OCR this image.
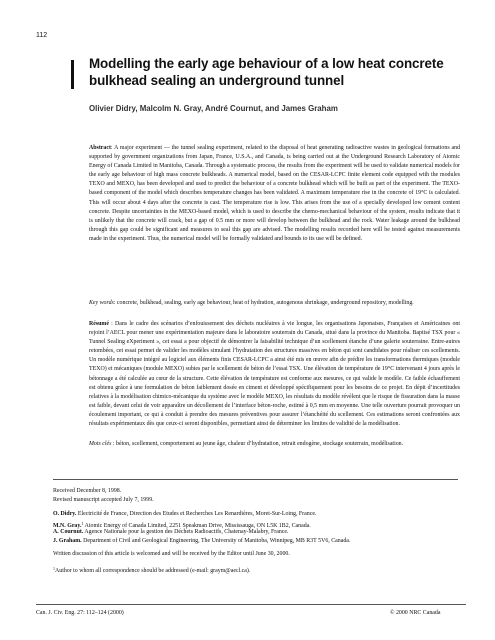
112
Modelling the early age behaviour of a low heat concrete bulkhead sealing an underground tunnel
Olivier Didry, Malcolm N. Gray, André Cournut, and James Graham
Abstract: A major experiment — the tunnel sealing experiment, related to the disposal of heat generating radioactive wastes in geological formations and supported by government organizations from Japan, France, U.S.A., and Canada, is being carried out at the Underground Research Laboratory of Atomic Energy of Canada Limited in Manitoba, Canada. Through a systematic process, the results from the experiment will be used to validate numerical models for the early age behaviour of high mass concrete bulkheads. A numerical model, based on the CESAR-LCPC finite element code equipped with the modules TEXO and MEXO, has been developed and used to predict the behaviour of a concrete bulkhead which will be built as part of the experiment. The TEXO-based component of the model which describes temperature changes has been validated. A maximum temperature rise in the concrete of 19°C is calculated. This will occur about 4 days after the concrete is cast. The temperature rise is low. This arises from the use of a specially developed low cement content concrete. Despite uncertainties in the MEXO-based model, which is used to describe the chemo-mechanical behaviour of the system, results indicate that it is unlikely that the concrete will crack, but a gap of 0.5 mm or more will develop between the bulkhead and the rock. Water leakage around the bulkhead through this gap could be significant and measures to seal this gap are advised. The modelling results recorded here will be tested against measurements made in the experiment. Thus, the numerical model will be formally validated and bounds to its use will be defined.
Key words: concrete, bulkhead, sealing, early age behaviour, heat of hydration, autogenous shrinkage, underground repository, modelling.
Résumé : Dans le cadre des scénarios d’enfouissement des déchets nucléaires à vie longue, les organisations Japonaises, Françaises et Américaines ont rejoint l’AECL pour mener une expérimentation majeure dans le laboratoire souterrain du Canada, situé dans la province du Manitoba. Baptisé TSX pour « Tunnel Sealing eXperiment », cet essai a pour objectif de démontrer la faisabilité technique d’un scellement étanche d’une galerie souterraine. Entre-autres retombées, cet essai permet de valider les modèles simulant l’hydratation des structures massives en béton qui sont candidates pour réaliser ces scellements. Un modèle numérique intégré au logiciel aux éléments finis CESAR-LCPC a ainsi été mis en œuvre afin de prédire les transformations thermiques (module TEXO) et mécaniques (module MEXO) subies par le scellement de béton de l’essai TSX. Une élévation de température de 19°C intervenant 4 jours après le bétonnage a été calculée au cœur de la structure. Cette élévation de température est conforme aux mesures, ce qui valide le modèle. Ce faible échauffement est obtenu grâce à une formulation de béton faiblement dosée en ciment et développé spécifiquement pour les besoins de ce projet. En dépit d’incertitudes relatives à la modélisation chimico-mécanique du système avec le modèle MEXO, les résultats du modèle révèlent que le risque de fissuration dans la masse est faible, devant celui de voir apparaître un décollement de l’interface béton-roche, estimé à 0,5 mm en moyenne. Une telle ouverture pourrait provoquer un écoulement important, ce qui à conduit à prendre des mesures préventives pour assurer l’étanchéité du scellement. Ces estimations seront confrontées aux résultats expérimentaux dès que ceux-ci seront disponibles, permettant ainsi de déterminer les limites de validité de la modélisation.
Mots clés : béton, scellement, comportement au jeune âge, chaleur d’hydratation, retrait endogène, stockage souterrain, modélisation.
Received December 8, 1998.
Revised manuscript accepted July 7, 1999.
O. Didry. Electricité de France, Direction des Etudes et Recherches Les Renardières, Moret-Sur-Loing, France.
M.N. Gray.$^1$ Atomic Energy of Canada Limited, 2251 Speakman Drive, Mississauga, ON L5K 1B2, Canada.
A. Cournut. Agence Nationale pour la gestion des Déchets Radioactifs, Chatenay-Malabry, France.
J. Graham. Department of Civil and Geological Engineering, The University of Manitoba, Winnipeg, MB R3T 5V6, Canada.
Written discussion of this article is welcomed and will be received by the Editor until June 30, 2000.
$^1$Author to whom all correspondence should be addressed (e-mail: graym@aecl.ca).
Can. J. Civ. Eng. 27: 112–124 (2000)	© 2000 NRC Canada
